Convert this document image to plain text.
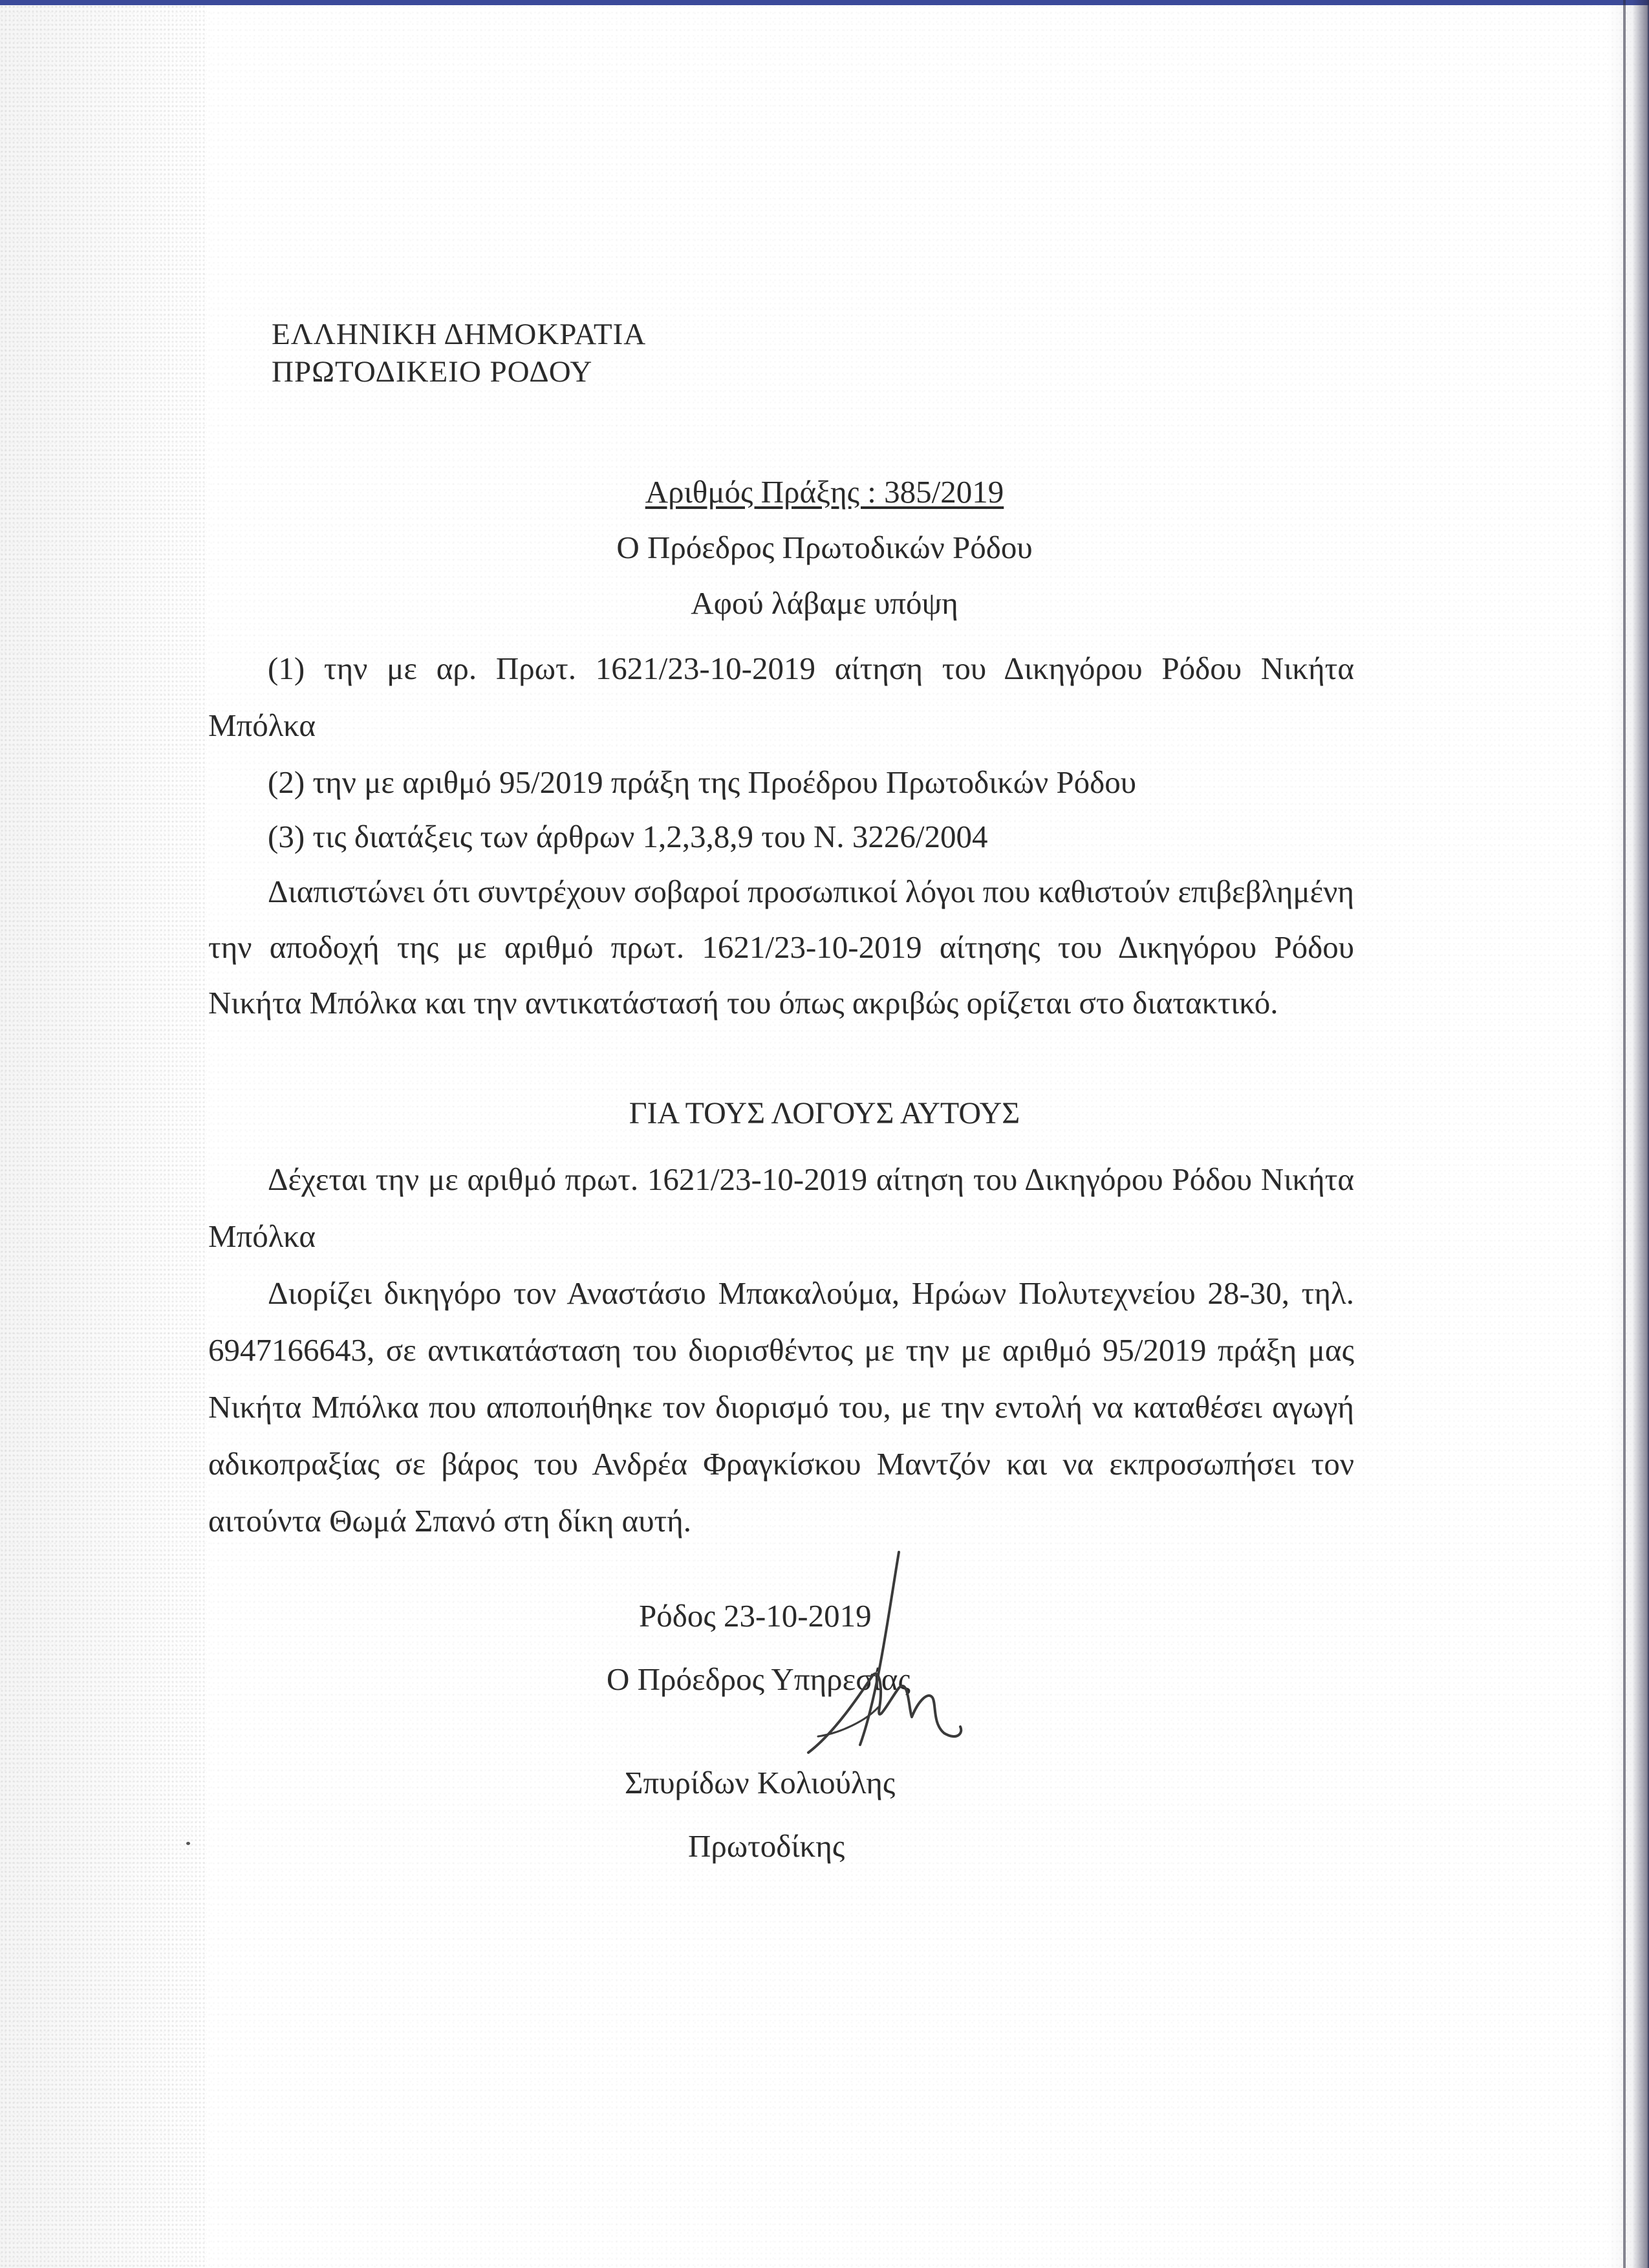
ΕΛΛΗΝΙΚΗ ΔΗΜΟΚΡΑΤΙΑ
ΠΡΩΤΟΔΙΚΕΙΟ ΡΟΔΟΥ
Αριθμός Πράξης : 385/2019
Ο Πρόεδρος Πρωτοδικών Ρόδου
Αφού λάβαμε υπόψη

(1) την με αρ. Πρωτ. 1621/23-10-2019 αίτηση του Δικηγόρου Ρόδου Νικήτα Μπόλκα

(2) την με αριθμό 95/2019 πράξη της Προέδρου Πρωτοδικών Ρόδου

(3) τις διατάξεις των άρθρων 1,2,3,8,9 του Ν. 3226/2004

Διαπιστώνει ότι συντρέχουν σοβαροί προσωπικοί λόγοι που καθιστούν επιβεβλημένη την αποδοχή της με αριθμό πρωτ. 1621/23-10-2019 αίτησης του Δικηγόρου Ρόδου Νικήτα Μπόλκα και την αντικατάστασή του όπως ακριβώς ορίζεται στο διατακτικό.

ΓΙΑ ΤΟΥΣ ΛΟΓΟΥΣ ΑΥΤΟΥΣ

Δέχεται την με αριθμό πρωτ. 1621/23-10-2019 αίτηση του Δικηγόρου Ρόδου Νικήτα Μπόλκα

Διορίζει δικηγόρο τον Αναστάσιο Μπακαλούμα, Ηρώων Πολυτεχνείου 28-30, τηλ. 6947166643, σε αντικατάσταση του διορισθέντος με την με αριθμό 95/2019 πράξη μας Νικήτα Μπόλκα που αποποιήθηκε τον διορισμό του, με την εντολή να καταθέσει αγωγή αδικοπραξίας σε βάρος του Ανδρέα Φραγκίσκου Μαντζόν και να εκπροσωπήσει τον αιτούντα Θωμά Σπανό στη δίκη αυτή.

Ρόδος 23-10-2019
Ο Πρόεδρος Υπηρεσίας
Σπυρίδων Κολιούλης
Πρωτοδίκης
